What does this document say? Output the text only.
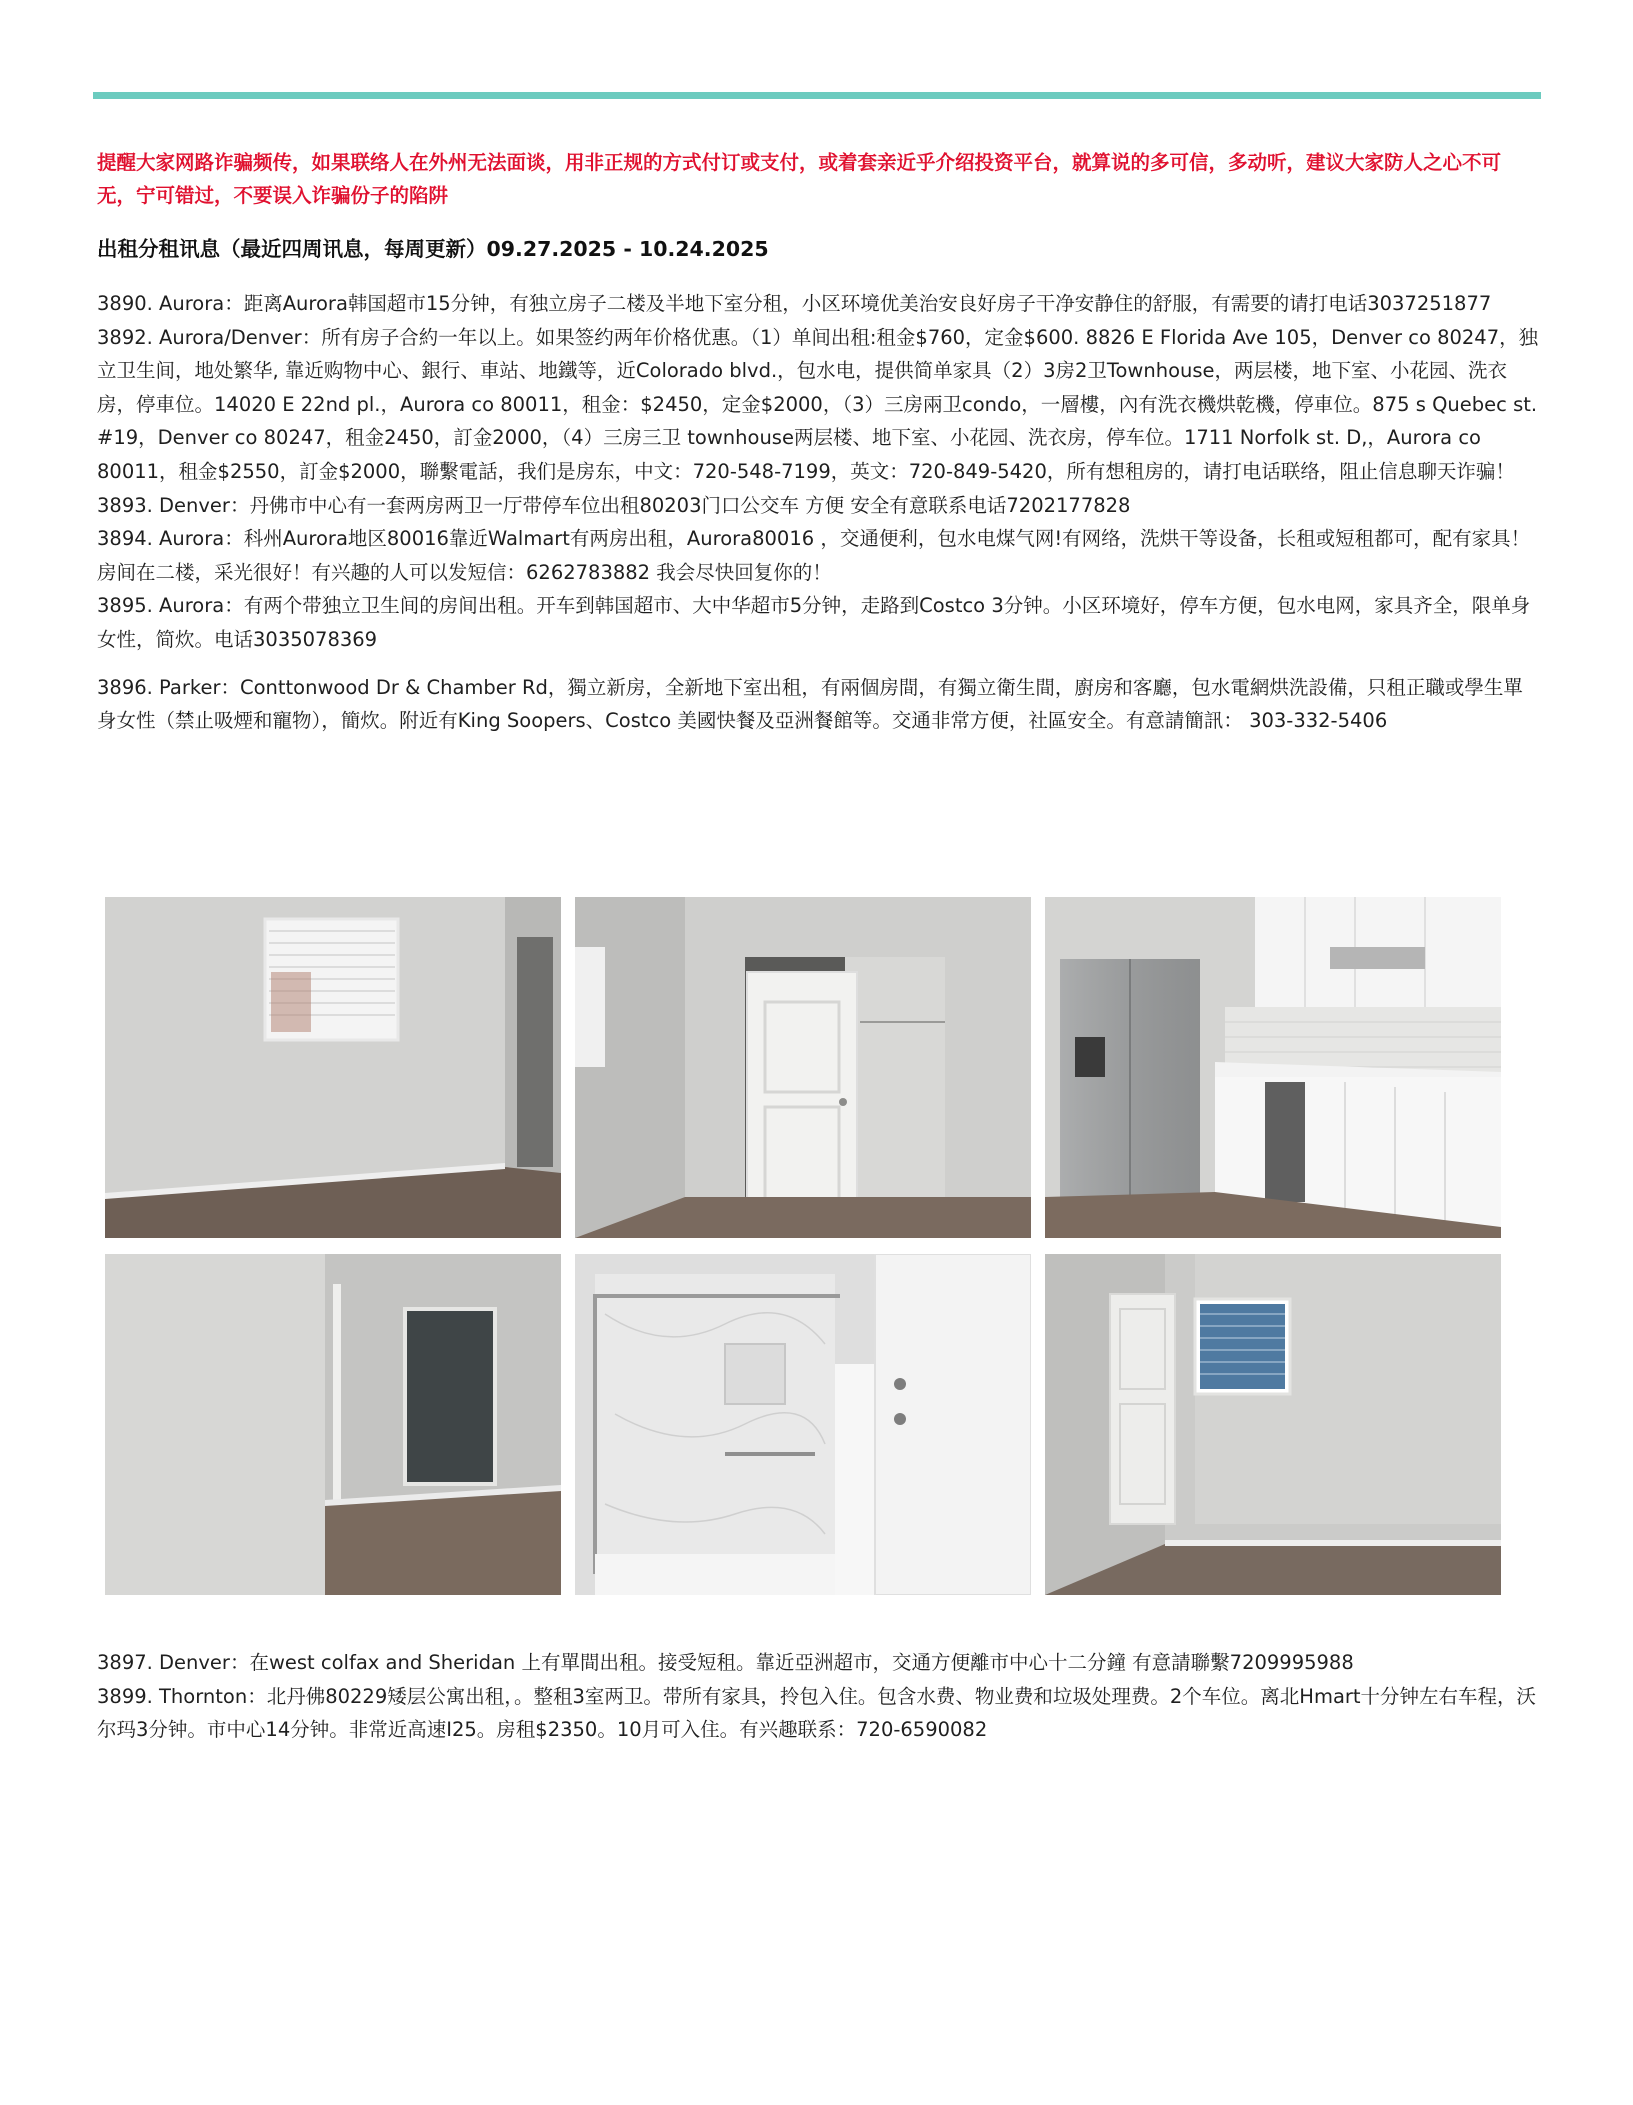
提醒大家网路诈骗频传，如果联络人在外州无法面谈，用非正规的方式付订或支付，或着套亲近乎介绍投资平台，就算说的多可信，多动听，建议大家防人之心不可无，宁可错过，不要误入诈骗份子的陷阱
出租分租讯息（最近四周讯息，每周更新）09.27.2025 - 10.24.2025

3890. Aurora：距离Aurora韩国超市15分钟，有独立房子二楼及半地下室分租，小区环境优美治安良好房子干净安静住的舒服，有需要的请打电话3037251877

3892. Aurora/Denver：所有房子合約一年以上。如果签约两年价格优惠。（1）单间出租:租金$760，定金$600. 8826 E Florida Ave 105，Denver co 80247，独立卫生间，地处繁华, 靠近购物中心、銀行、車站、地鐵等，近Colorado blvd.，包水电，提供简单家具（2）3房2卫Townhouse，两层楼，地下室、小花园、洗衣房，停車位。14020 E 22nd pl.，Aurora co 80011，租金：$2450，定金$2000，（3）三房兩卫condo，一層樓，內有洗衣機烘乾機，停車位。875 s Quebec st. #19，Denver co 80247，租金2450，訂金2000，（4）三房三卫 townhouse两层楼、地下室、小花园、洗衣房，停车位。1711 Norfolk st. D,，Aurora co 80011，租金$2550，訂金$2000，聯繫電話，我们是房东，中文：720-548-7199，英文：720-849-5420，所有想租房的，请打电话联络，阻止信息聊天诈骗！

3893. Denver：丹佛市中心有一套两房两卫一厅带停车位出租80203门口公交车 方便 安全有意联系电话7202177828

3894. Aurora：科州Aurora地区80016靠近Walmart有两房出租，Aurora80016 ，交通便利，包水电煤气网!有网络，洗烘干等设备，长租或短租都可，配有家具！房间在二楼，采光很好！有兴趣的人可以发短信：6262783882 我会尽快回复你的！

3895. Aurora：有两个带独立卫生间的房间出租。开车到韩国超市、大中华超市5分钟，走路到Costco 3分钟。小区环境好，停车方便，包水电网，家具齐全，限单身女性，简炊。电话3035078369

3896. Parker：Conttonwood Dr & Chamber Rd，獨立新房，全新地下室出租，有兩個房間，有獨立衛生間，廚房和客廳，包水電網烘洗設備，只租正職或學生單身女性（禁止吸煙和寵物），簡炊。附近有King Soopers、Costco 美國快餐及亞洲餐館等。交通非常方便，社區安全。有意請簡訊： 303-332-5406

3897. Denver：在west colfax and Sheridan 上有單間出租。接受短租。靠近亞洲超市，交通方便離市中心十二分鐘 有意請聯繫7209995988

3899. Thornton：北丹佛80229矮层公寓出租，。整租3室两卫。带所有家具，拎包入住。包含水费、物业费和垃圾处理费。2个车位。离北Hmart十分钟左右车程，沃尔玛3分钟。市中心14分钟。非常近高速I25。房租$2350。10月可入住。有兴趣联系：720-6590082
